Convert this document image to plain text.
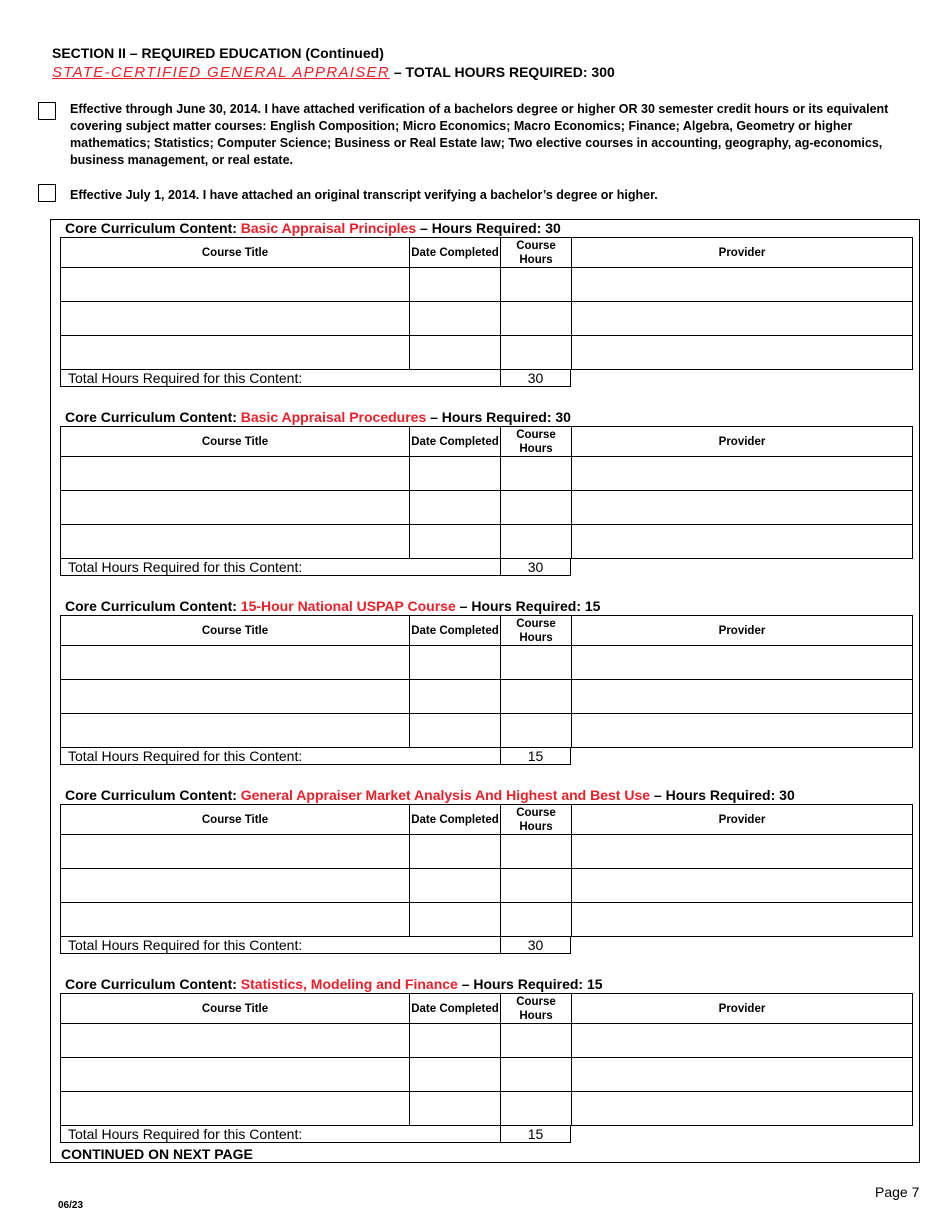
SECTION II – REQUIRED EDUCATION (Continued)
STATE-CERTIFIED GENERAL APPRAISER – TOTAL HOURS REQUIRED: 300
Effective through June 30, 2014. I have attached verification of a bachelors degree or higher OR 30 semester credit hours or its equivalent covering subject matter courses: English Composition; Micro Economics; Macro Economics; Finance; Algebra, Geometry or higher mathematics; Statistics; Computer Science; Business or Real Estate law; Two elective courses in accounting, geography, ag-economics, business management, or real estate.
Effective July 1, 2014. I have attached an original transcript verifying a bachelor’s degree or higher.
Core Curriculum Content: Basic Appraisal Principles – Hours Required: 30
Course Title	Date Completed	Course Hours	Provider

Total Hours Required for this Content:	30
Core Curriculum Content: Basic Appraisal Procedures – Hours Required: 30
Course Title	Date Completed	Course Hours	Provider

Total Hours Required for this Content:	30
Core Curriculum Content: 15-Hour National USPAP Course – Hours Required: 15
Course Title	Date Completed	Course Hours	Provider

Total Hours Required for this Content:	15
Core Curriculum Content: General Appraiser Market Analysis And Highest and Best Use – Hours Required: 30
Course Title	Date Completed	Course Hours	Provider

Total Hours Required for this Content:	30
Core Curriculum Content: Statistics, Modeling and Finance – Hours Required: 15
Course Title	Date Completed	Course Hours	Provider

Total Hours Required for this Content:	15
CONTINUED ON NEXT PAGE
Page 7
06/23
